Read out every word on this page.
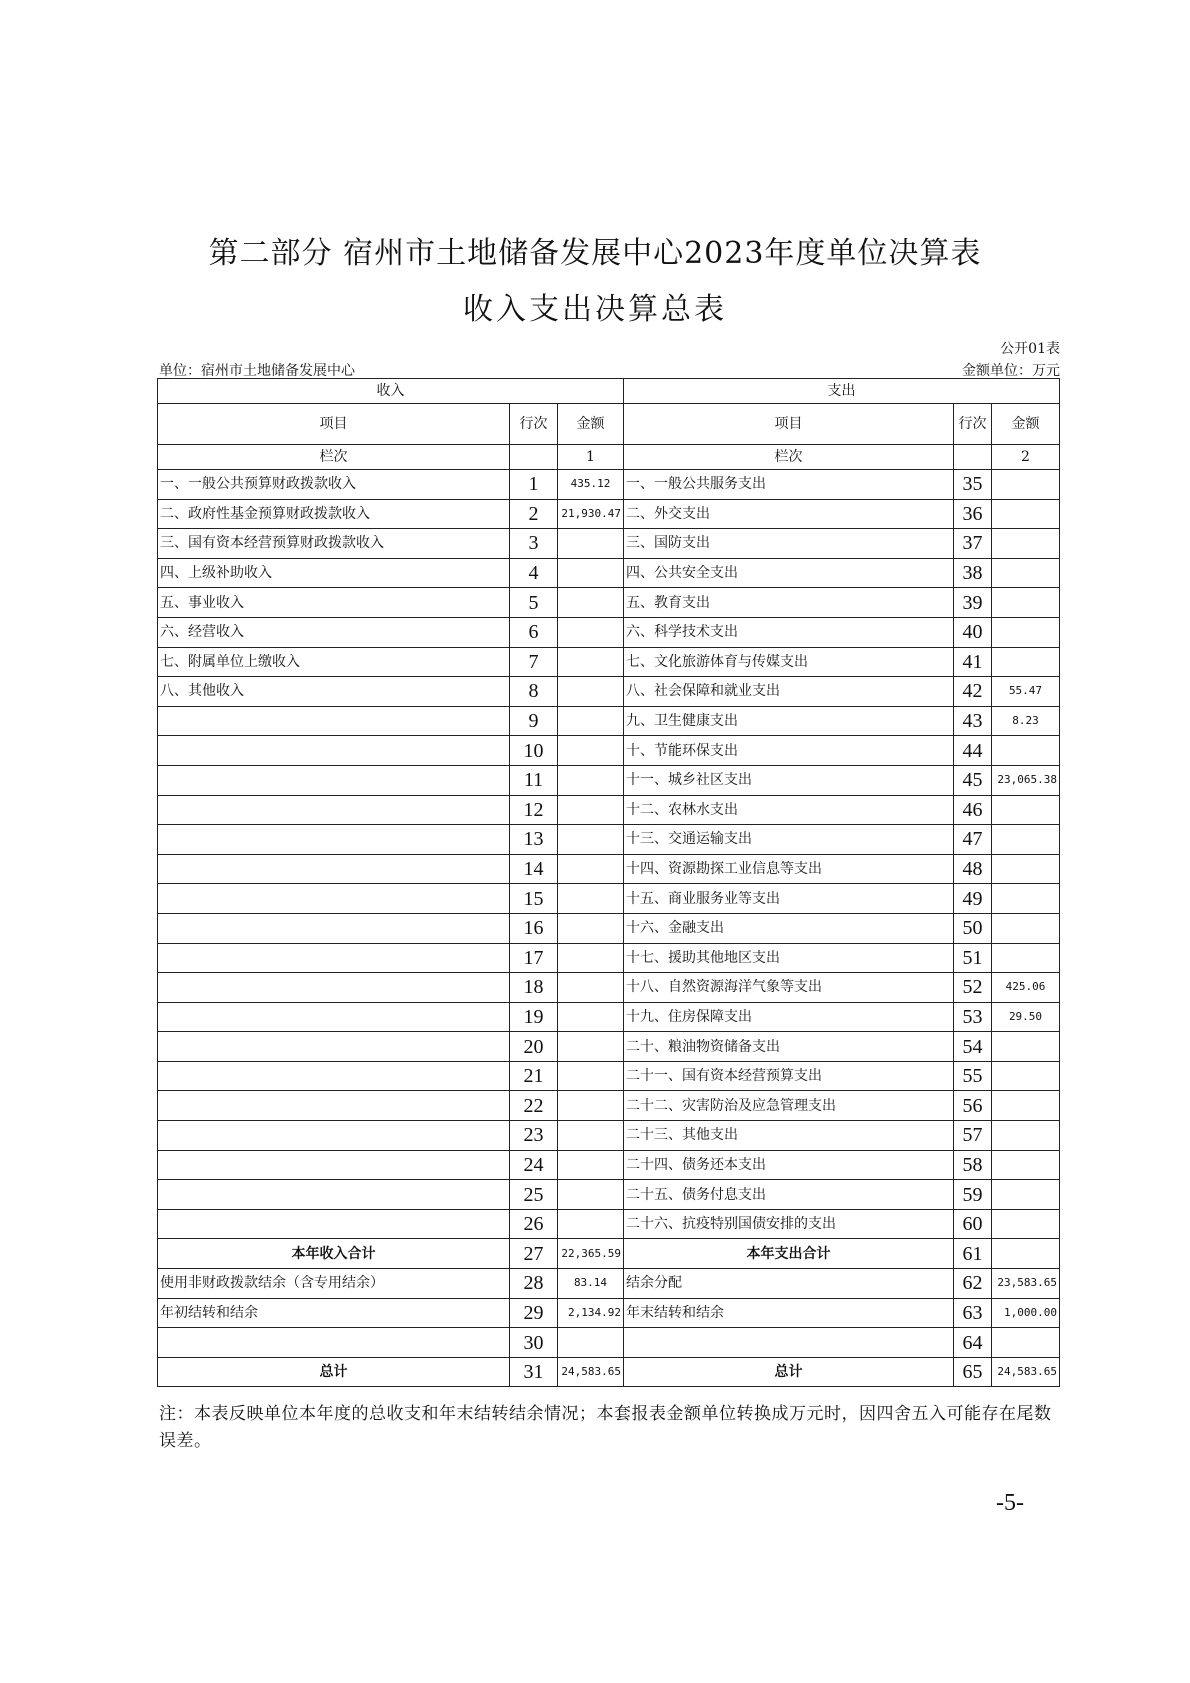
第二部分 宿州市土地储备发展中心2023年度单位决算表
收入支出决算总表
公开01表
单位：宿州市土地储备发展中心	金额单位：万元
收入			支出		
项目	行次	金额	项目	行次	金额
栏次		1	栏次		2
一、一般公共预算财政拨款收入	1	435.12	一、一般公共服务支出	35	
二、政府性基金预算财政拨款收入	2	21,930.47	二、外交支出	36	
三、国有资本经营预算财政拨款收入	3		三、国防支出	37	
四、上级补助收入	4		四、公共安全支出	38	
五、事业收入	5		五、教育支出	39	
六、经营收入	6		六、科学技术支出	40	
七、附属单位上缴收入	7		七、文化旅游体育与传媒支出	41	
八、其他收入	8		八、社会保障和就业支出	42	55.47
	9		九、卫生健康支出	43	8.23
	10		十、节能环保支出	44	
	11		十一、城乡社区支出	45	23,065.38
	12		十二、农林水支出	46	
	13		十三、交通运输支出	47	
	14		十四、资源勘探工业信息等支出	48	
	15		十五、商业服务业等支出	49	
	16		十六、金融支出	50	
	17		十七、援助其他地区支出	51	
	18		十八、自然资源海洋气象等支出	52	425.06
	19		十九、住房保障支出	53	29.50
	20		二十、粮油物资储备支出	54	
	21		二十一、国有资本经营预算支出	55	
	22		二十二、灾害防治及应急管理支出	56	
	23		二十三、其他支出	57	
	24		二十四、债务还本支出	58	
	25		二十五、债务付息支出	59	
	26		二十六、抗疫特别国债安排的支出	60	
本年收入合计	27	22,365.59	本年支出合计	61	
使用非财政拨款结余（含专用结余）	28	83.14	结余分配	62	23,583.65
年初结转和结余	29	2,134.92	年末结转和结余	63	1,000.00
	30			64	
总计	31	24,583.65	总计	65	24,583.65
注：本表反映单位本年度的总收支和年末结转结余情况；本套报表金额单位转换成万元时，因四舍五入可能存在尾数误差。
-5-
